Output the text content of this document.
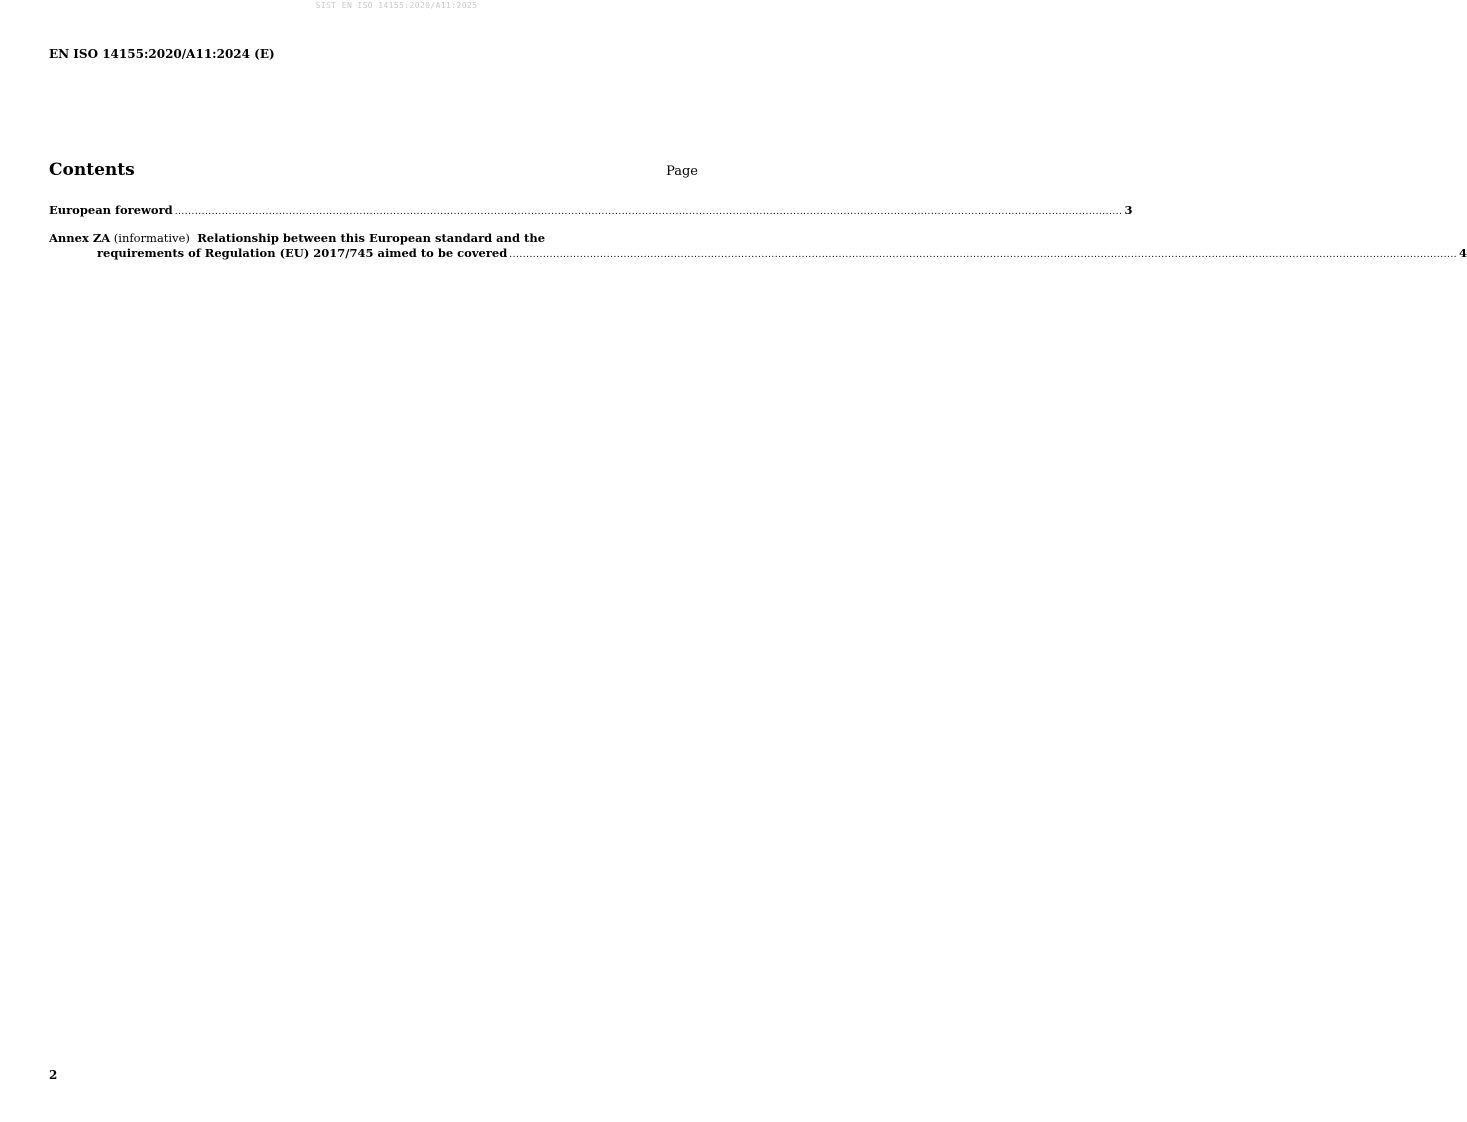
SIST EN ISO 14155:2020/A11:2025
EN ISO 14155:2020/A11:2024 (E)
Contents	Page
European foreword .......................................................................................................................................................................................................................................................................................... 3
Annex ZA (informative)  Relationship between this European standard and the
requirements of Regulation (EU) 2017/745 aimed to be covered .......................................................................................................................................................................................................................................................................................... 4
2
